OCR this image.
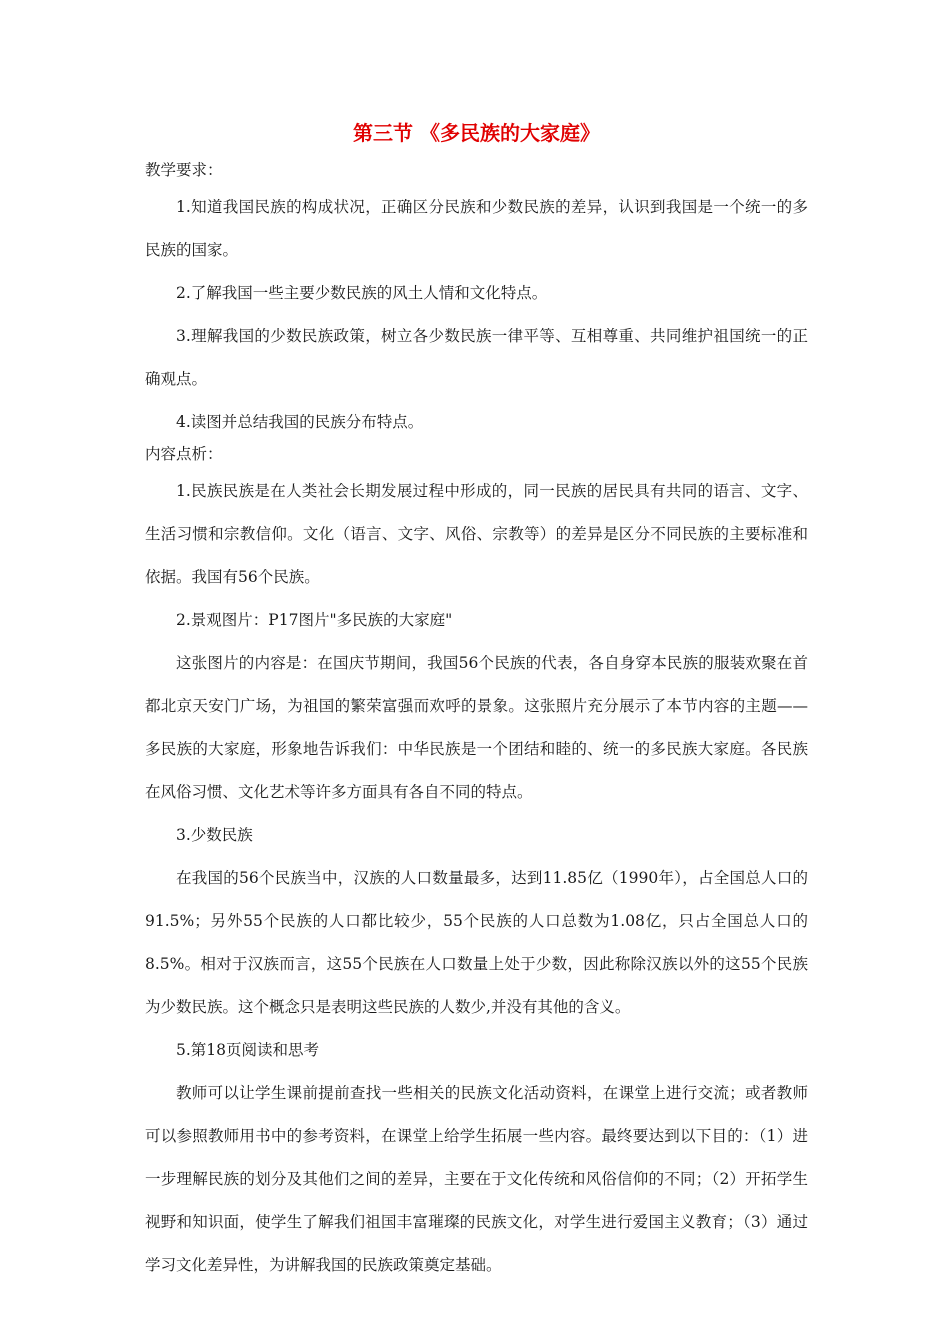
第三节 《多民族的大家庭》
教学要求：

1.知道我国民族的构成状况，正确区分民族和少数民族的差异，认识到我国是一个统一的多民族的国家。

2.了解我国一些主要少数民族的风土人情和文化特点。

3.理解我国的少数民族政策，树立各少数民族一律平等、互相尊重、共同维护祖国统一的正确观点。

4.读图并总结我国的民族分布特点。

内容点析：

1.民族民族是在人类社会长期发展过程中形成的，同一民族的居民具有共同的语言、文字、生活习惯和宗教信仰。文化（语言、文字、风俗、宗教等）的差异是区分不同民族的主要标准和依据。我国有56个民族。

2.景观图片：P17图片"多民族的大家庭"

这张图片的内容是：在国庆节期间，我国56个民族的代表，各自身穿本民族的服装欢聚在首都北京天安门广场，为祖国的繁荣富强而欢呼的景象。这张照片充分展示了本节内容的主题——多民族的大家庭，形象地告诉我们：中华民族是一个团结和睦的、统一的多民族大家庭。各民族在风俗习惯、文化艺术等许多方面具有各自不同的特点。

3.少数民族

在我国的56个民族当中，汉族的人口数量最多，达到11.85亿（1990年），占全国总人口的91.5%；另外55个民族的人口都比较少，55个民族的人口总数为1.08亿，只占全国总人口的8.5%。相对于汉族而言，这55个民族在人口数量上处于少数，因此称除汉族以外的这55个民族为少数民族。这个概念只是表明这些民族的人数少,并没有其他的含义。

5.第18页阅读和思考

教师可以让学生课前提前查找一些相关的民族文化活动资料，在课堂上进行交流；或者教师可以参照教师用书中的参考资料，在课堂上给学生拓展一些内容。最终要达到以下目的：（1）进一步理解民族的划分及其他们之间的差异，主要在于文化传统和风俗信仰的不同；（2）开拓学生视野和知识面，使学生了解我们祖国丰富璀璨的民族文化，对学生进行爱国主义教育；（3）通过学习文化差异性，为讲解我国的民族政策奠定基础。
